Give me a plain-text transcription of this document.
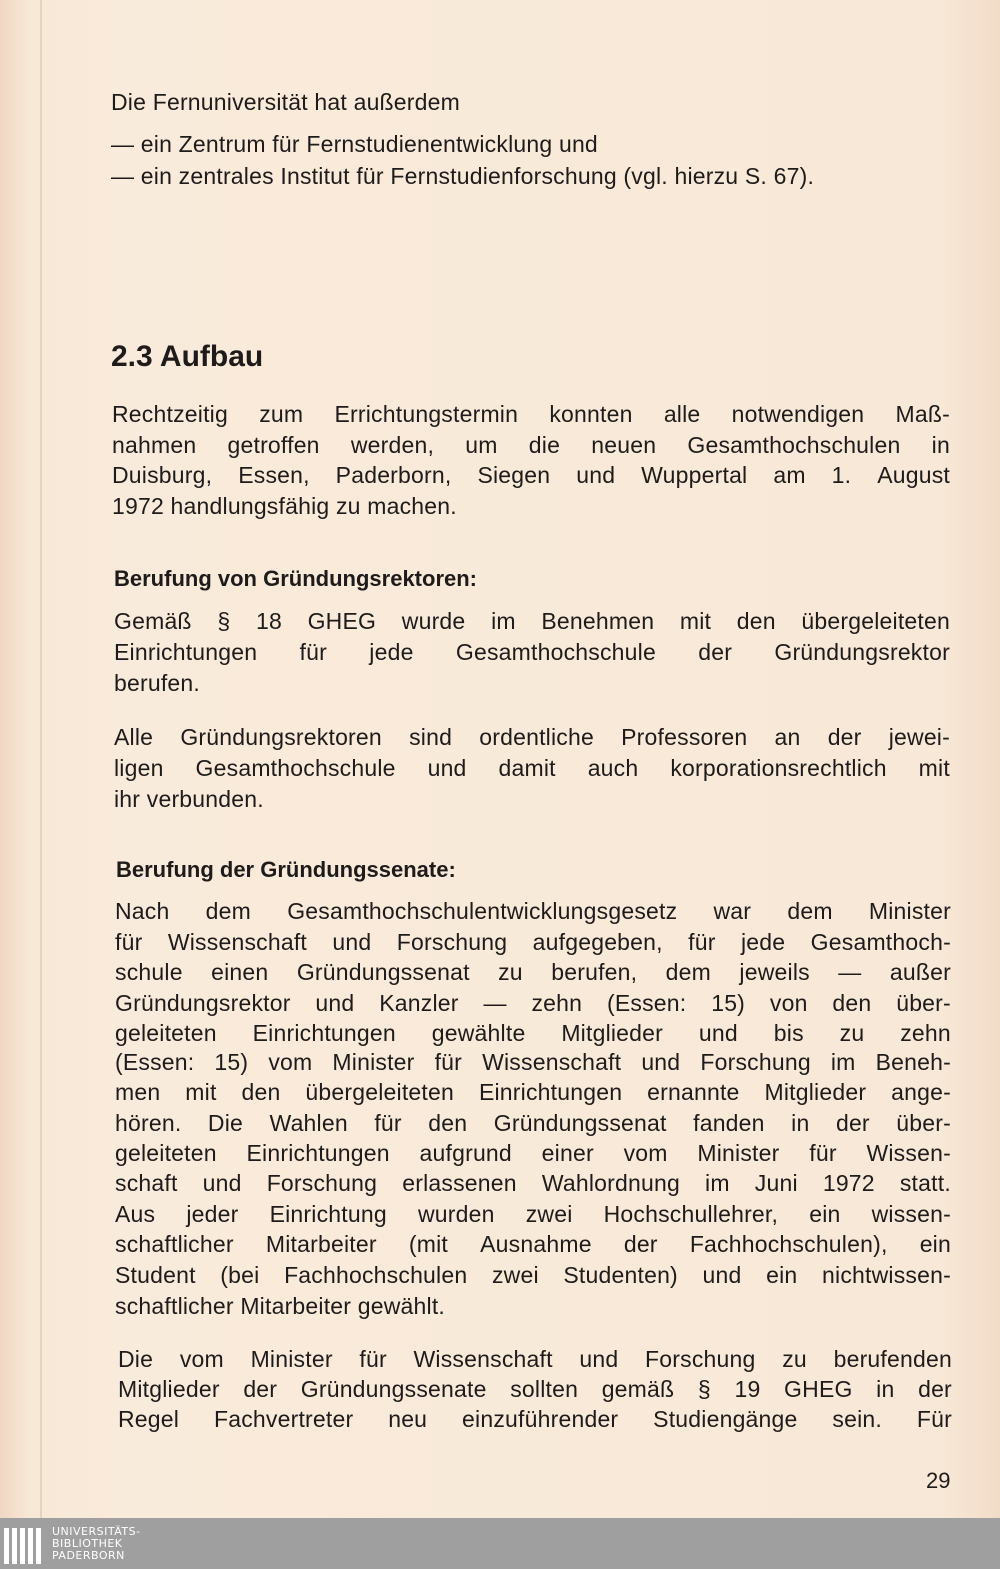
Die Fernuniversität hat außerdem
— ein Zentrum für Fernstudienentwicklung und
— ein zentrales Institut für Fernstudienforschung (vgl. hierzu S. 67).
2.3 Aufbau
Rechtzeitig zum Errichtungstermin konnten alle notwendigen Maß-
nahmen getroffen werden, um die neuen Gesamthochschulen in
Duisburg, Essen, Paderborn, Siegen und Wuppertal am 1. August
1972 handlungsfähig zu machen.
Berufung von Gründungsrektoren:
Gemäß § 18 GHEG wurde im Benehmen mit den übergeleiteten
Einrichtungen für jede Gesamthochschule der Gründungsrektor
berufen.
Alle Gründungsrektoren sind ordentliche Professoren an der jewei-
ligen Gesamthochschule und damit auch korporationsrechtlich mit
ihr verbunden.
Berufung der Gründungssenate:
Nach dem Gesamthochschulentwicklungsgesetz war dem Minister
für Wissenschaft und Forschung aufgegeben, für jede Gesamthoch-
schule einen Gründungssenat zu berufen, dem jeweils — außer
Gründungsrektor und Kanzler — zehn (Essen: 15) von den über-
geleiteten Einrichtungen gewählte Mitglieder und bis zu zehn
(Essen: 15) vom Minister für Wissenschaft und Forschung im Beneh-
men mit den übergeleiteten Einrichtungen ernannte Mitglieder ange-
hören. Die Wahlen für den Gründungssenat fanden in der über-
geleiteten Einrichtungen aufgrund einer vom Minister für Wissen-
schaft und Forschung erlassenen Wahlordnung im Juni 1972 statt.
Aus jeder Einrichtung wurden zwei Hochschullehrer, ein wissen-
schaftlicher Mitarbeiter (mit Ausnahme der Fachhochschulen), ein
Student (bei Fachhochschulen zwei Studenten) und ein nichtwissen-
schaftlicher Mitarbeiter gewählt.
Die vom Minister für Wissenschaft und Forschung zu berufenden
Mitglieder der Gründungssenate sollten gemäß § 19 GHEG in der
Regel Fachvertreter neu einzuführender Studiengänge sein. Für
29
UNIVERSITÄTS-
BIBLIOTHEK
PADERBORN
